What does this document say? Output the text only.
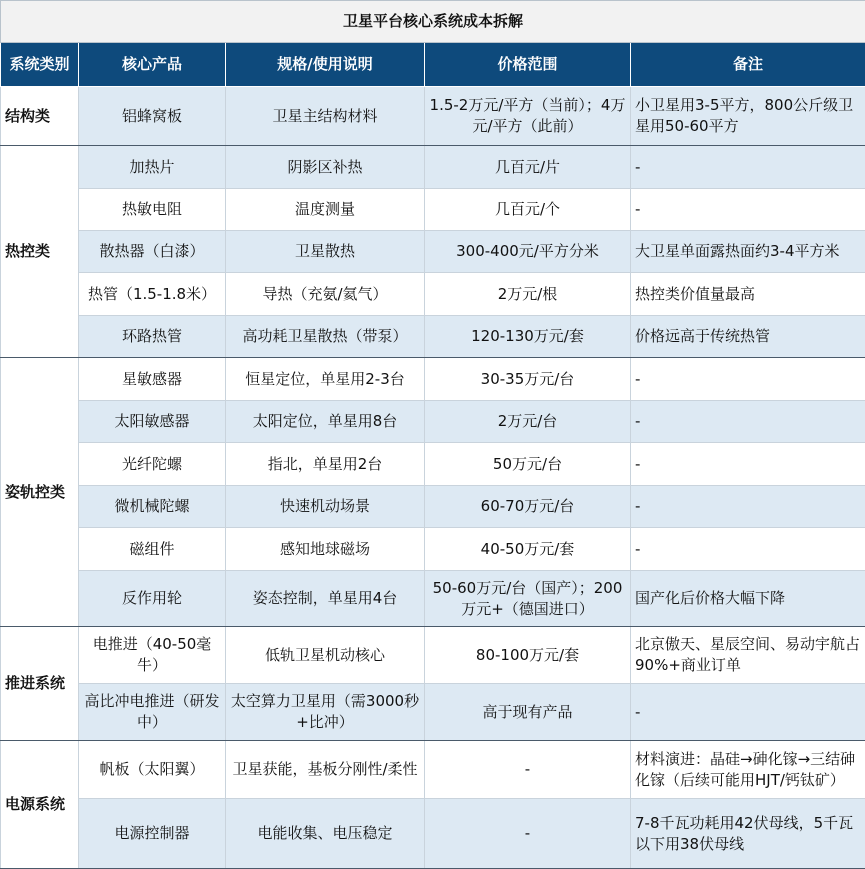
卫星平台核心系统成本拆解				
系统类别	核心产品	规格/使用说明	价格范围	备注
结构类	铝蜂窝板	卫星主结构材料	1.5-2万元/平方（当前）；4万元/平方（此前）	小卫星用3-5平方，800公斤级卫星用50-60平方
热控类	加热片	阴影区补热	几百元/片	-
	热敏电阻	温度测量	几百元/个	-
	散热器（白漆）	卫星散热	300-400元/平方分米	大卫星单面露热面约3-4平方米
	热管（1.5-1.8米）	导热（充氨/氦气）	2万元/根	热控类价值量最高
	环路热管	高功耗卫星散热（带泵）	120-130万元/套	价格远高于传统热管
姿轨控类	星敏感器	恒星定位，单星用2-3台	30-35万元/台	-
	太阳敏感器	太阳定位，单星用8台	2万元/台	-
	光纤陀螺	指北，单星用2台	50万元/台	-
	微机械陀螺	快速机动场景	60-70万元/台	-
	磁组件	感知地球磁场	40-50万元/套	-
	反作用轮	姿态控制，单星用4台	50-60万元/台（国产）；200万元+（德国进口）	国产化后价格大幅下降
推进系统	电推进（40-50毫牛）	低轨卫星机动核心	80-100万元/套	北京傲天、星辰空间、易动宇航占90%+商业订单
	高比冲电推进（研发中）	太空算力卫星用（需3000秒+比冲）	高于现有产品	-
电源系统	帆板（太阳翼）	卫星获能，基板分刚性/柔性	-	材料演进：晶硅→砷化镓→三结砷化镓（后续可能用HJT/钙钛矿）
	电源控制器	电能收集、电压稳定	-	7-8千瓦功耗用42伏母线，5千瓦以下用38伏母线
